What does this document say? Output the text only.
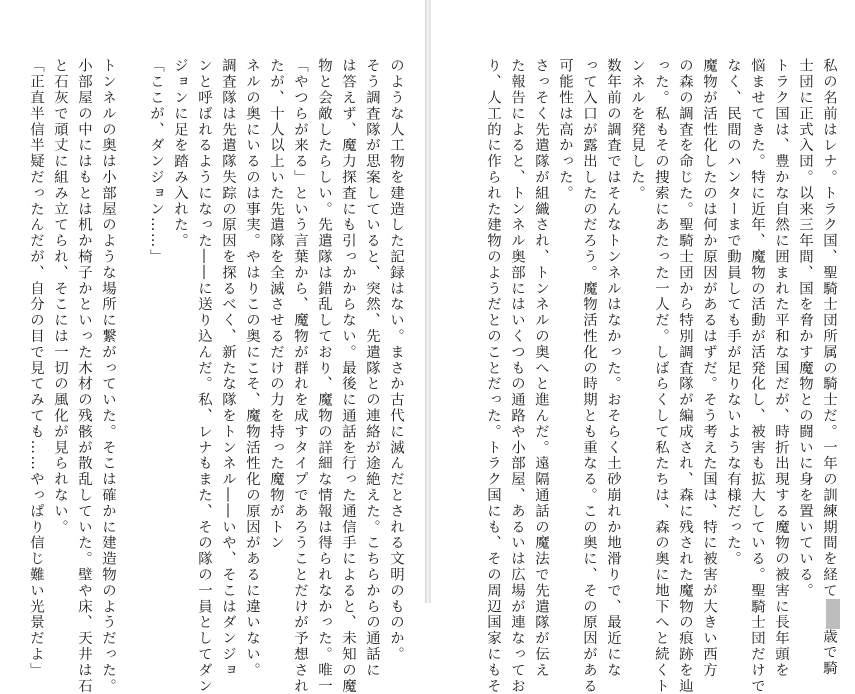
のような人工物を建造した記録はない。まさか古代に滅んだとされる文明のものか。
そう調査隊が思案していると、突然、先遣隊との連絡が途絶えた。こちらからの通話に
は答えず、魔力探査にも引っかからない。最後に通話を行った通信手によると、未知の魔
物と会敵したらしい。先遣隊は錯乱しており、魔物の詳細な情報は得られなかった。唯一
「やつらが来る」という言葉から、魔物が群れを成すタイプであろうことだけが予想され
たが、十人以上いた先遣隊を全滅させるだけの力を持った魔物がトン
ネルの奥にいるのは事実。やはりこの奥にこそ、魔物活性化の原因があるに違いない。
調査隊は先遣隊失踪の原因を探るべく、新たな隊をトンネル――いや、そこはダンジョ
ンと呼ばれるようになった――に送り込んだ。私、レナもまた、その隊の一員としてダン
ジョンに足を踏み入れた。
「ここが、ダンジョン……」
トンネルの奥は小部屋のような場所に繋がっていた。そこは確かに建造物のようだった。
小部屋の中にはもとは机か椅子かといった木材の残骸が散乱していた。壁や床、天井は石
と石灰で頑丈に組み立てられ、そこには一切の風化が見られない。
「正直半信半疑だったんだが、自分の目で見てみても……やっぱり信じ難い光景だよ」	私の名前はレナ。トラク国、聖騎士団所属の騎士だ。一年の訓練期間を経て歳で騎
士団に正式入団。以来三年間、国を脅かす魔物との闘いに身を置いている。
トラク国は、豊かな自然に囲まれた平和な国だが、時折出現する魔物の被害に長年頭を
悩ませてきた。特に近年、魔物の活動が活発化し、被害も拡大している。聖騎士団だけで
なく、民間のハンターまで動員しても手が足りないような有様だった。
魔物が活性化したのは何か原因があるはずだ。そう考えた国は、特に被害が大きい西方
の森の調査を命じた。聖騎士団から特別調査隊が編成され、森に残された魔物の痕跡を辿
った。私もその捜索にあたった一人だ。しばらくして私たちは、森の奥に地下へと続くト
ンネルを発見した。
数年前の調査ではそんなトンネルはなかった。おそらく土砂崩れか地滑りで、最近にな
って入口が露出したのだろう。魔物活性化の時期とも重なる。この奥に、その原因がある
可能性は高かった。
さっそく先遣隊が組織され、トンネルの奥へと進んだ。遠隔通話の魔法で先遣隊が伝え
た報告によると、トンネル奥部にはいくつもの通路や小部屋、あるいは広場が連なってお
り、人工的に作られた建物のようだとのことだった。トラク国にも、その周辺国家にもそ
